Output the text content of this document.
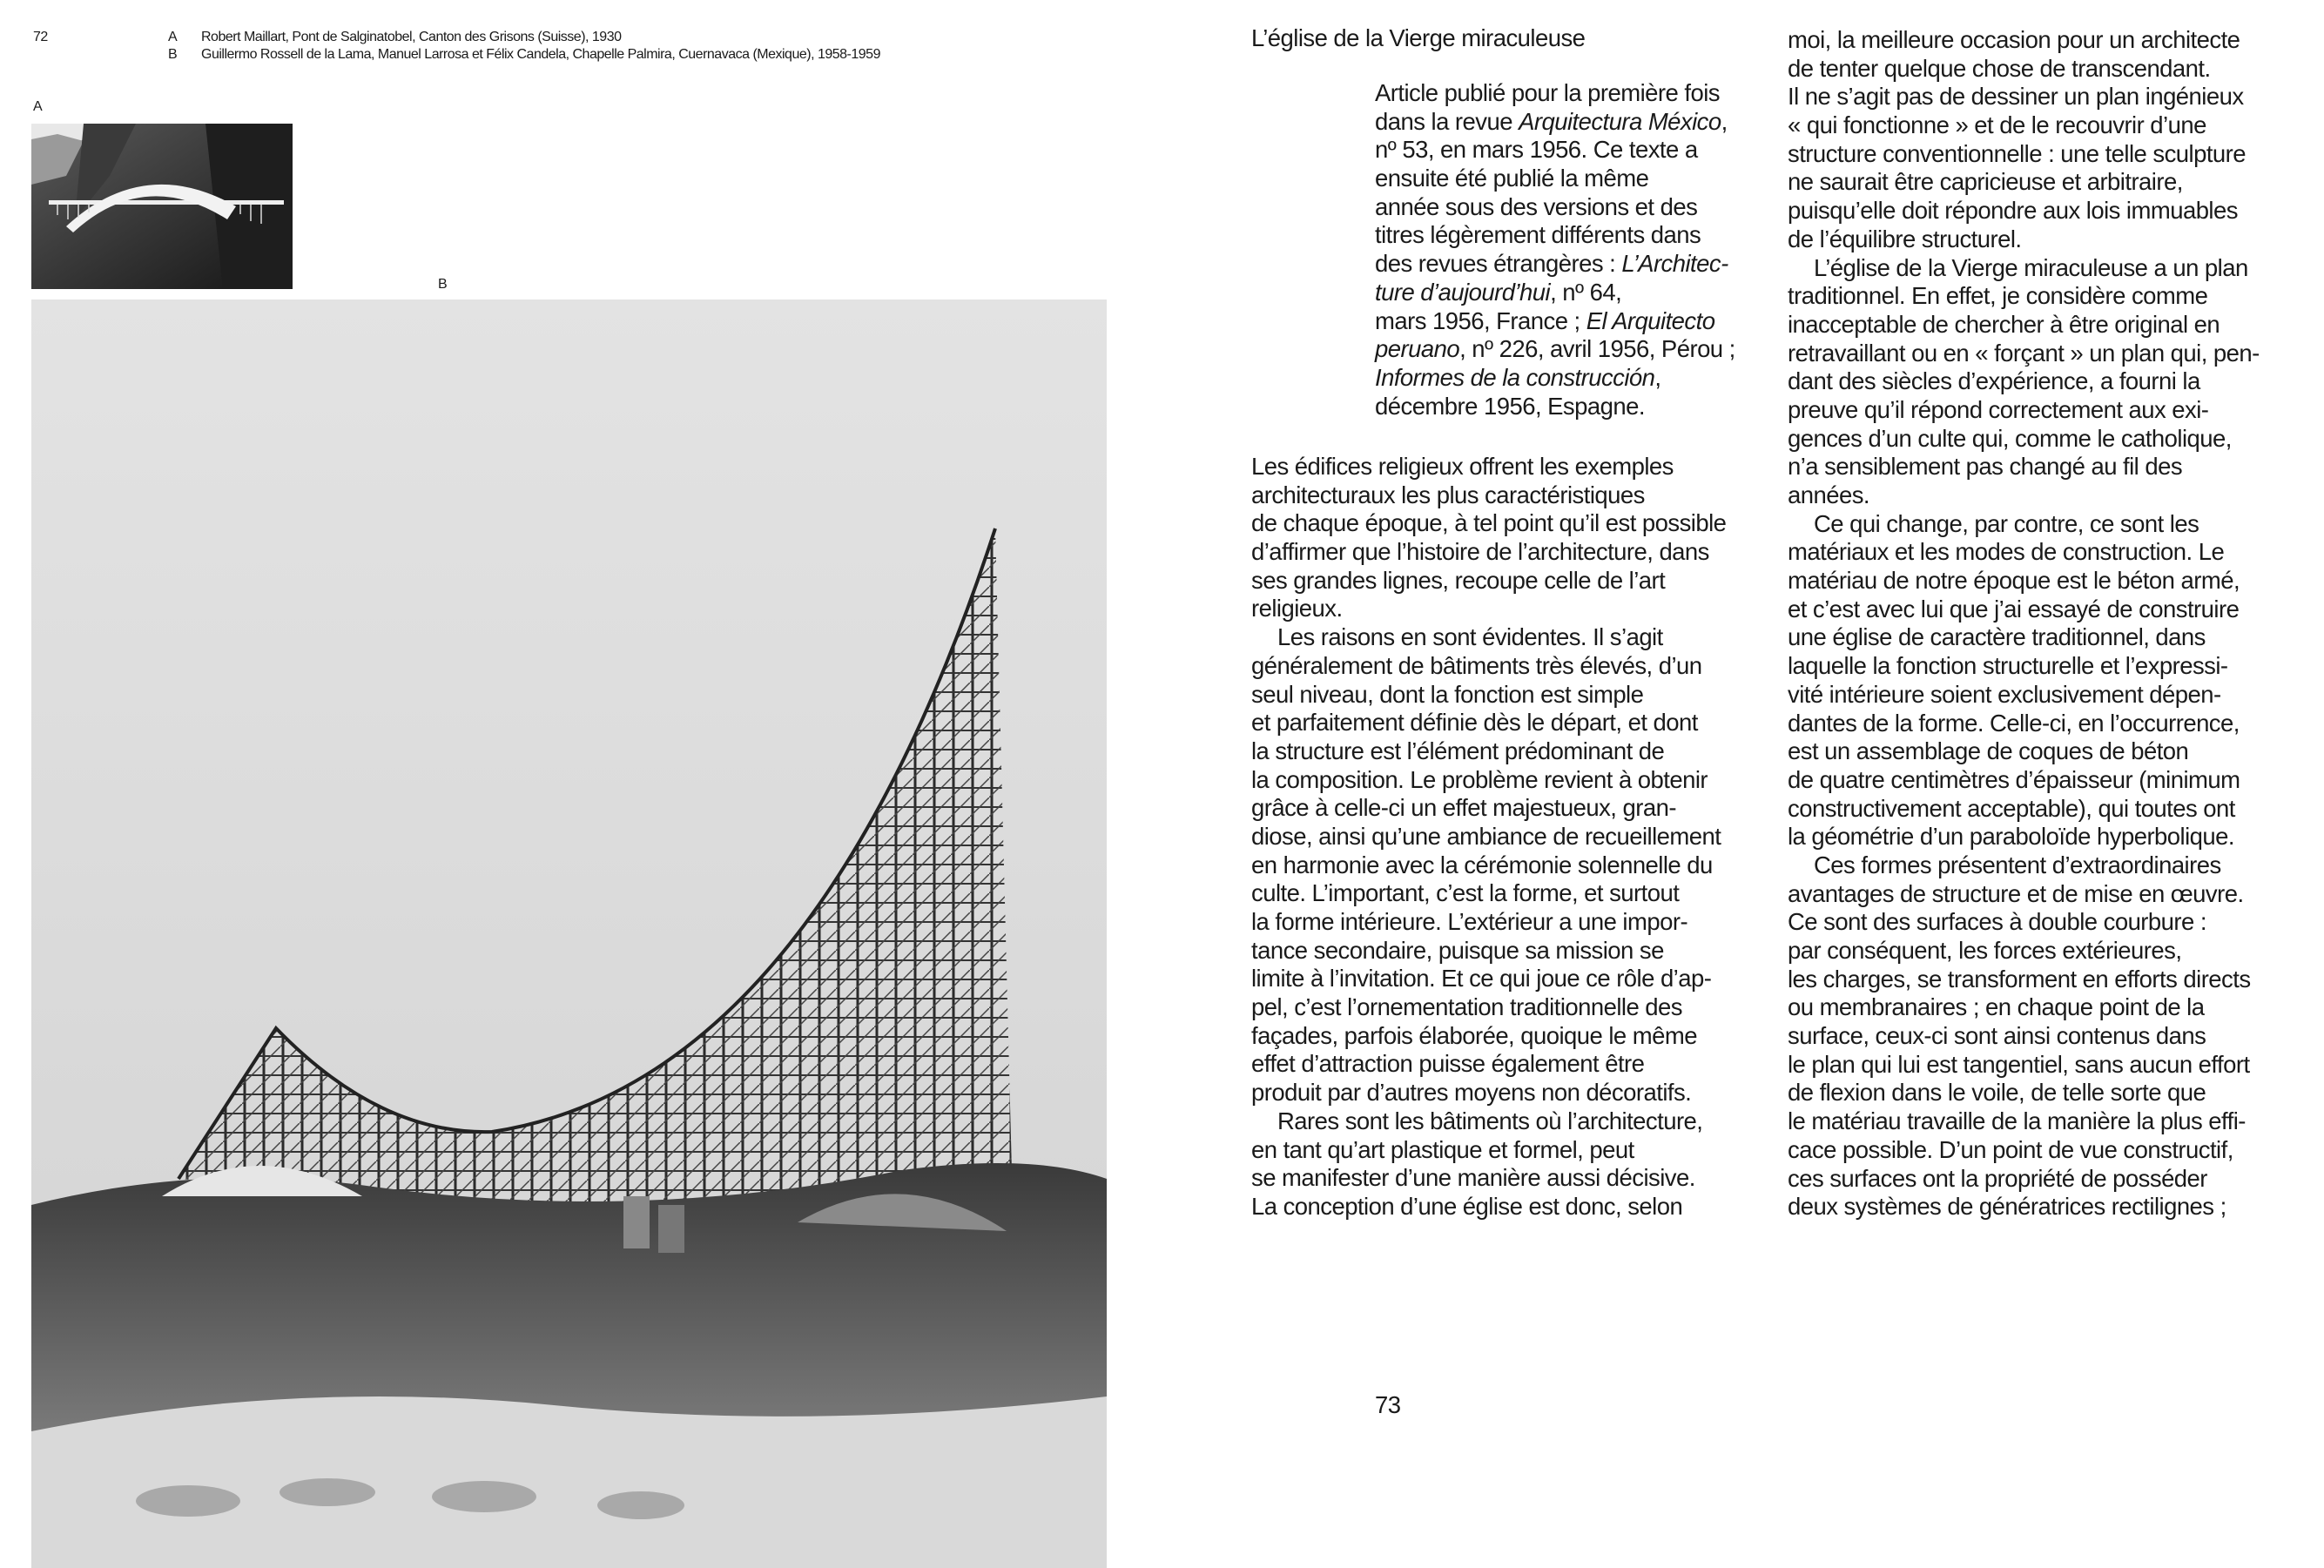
72	A Robert Maillart, Pont de Salginatobel, Canton des Grisons (Suisse), 1930
B Guillermo Rossell de la Lama, Manuel Larrosa et Félix Candela, Chapelle Palmira, Cuernavaca (Mexique), 1958-1959
A
B
L’église de la Vierge miraculeuse
Article publié pour la première fois
dans la revue Arquitectura México,
nº 53, en mars 1956. Ce texte a
ensuite été publié la même
année sous des versions et des
titres légèrement différents dans
des revues étrangères : L’Architec-
ture d’aujourd’hui, nº 64,
mars 1956, France ; El Arquitecto
peruano, nº 226, avril 1956, Pérou ;
Informes de la construcción,
décembre 1956, Espagne.
Les édifices religieux offrent les exemples
architecturaux les plus caractéristiques
de chaque époque, à tel point qu’il est possible
d’affirmer que l’histoire de l’architecture, dans
ses grandes lignes, recoupe celle de l’art
religieux.
Les raisons en sont évidentes. Il s’agit
généralement de bâtiments très élevés, d’un
seul niveau, dont la fonction est simple
et parfaitement définie dès le départ, et dont
la structure est l’élément prédominant de
la composition. Le problème revient à obtenir
grâce à celle-ci un effet majestueux, gran-
diose, ainsi qu’une ambiance de recueillement
en harmonie avec la cérémonie solennelle du
culte. L’important, c’est la forme, et surtout
la forme intérieure. L’extérieur a une impor-
tance secondaire, puisque sa mission se
limite à l’invitation. Et ce qui joue ce rôle d’ap-
pel, c’est l’ornementation traditionnelle des
façades, parfois élaborée, quoique le même
effet d’attraction puisse également être
produit par d’autres moyens non décoratifs.
Rares sont les bâtiments où l’architecture,
en tant qu’art plastique et formel, peut
se manifester d’une manière aussi décisive.
La conception d’une église est donc, selon
moi, la meilleure occasion pour un architecte
de tenter quelque chose de transcendant.
Il ne s’agit pas de dessiner un plan ingénieux
« qui fonctionne » et de le recouvrir d’une
structure conventionnelle : une telle sculpture
ne saurait être capricieuse et arbitraire,
puisqu’elle doit répondre aux lois immuables
de l’équilibre structurel.
L’église de la Vierge miraculeuse a un plan
traditionnel. En effet, je considère comme
inacceptable de chercher à être original en
retravaillant ou en « forçant » un plan qui, pen-
dant des siècles d’expérience, a fourni la
preuve qu’il répond correctement aux exi-
gences d’un culte qui, comme le catholique,
n’a sensiblement pas changé au fil des
années.
Ce qui change, par contre, ce sont les
matériaux et les modes de construction. Le
matériau de notre époque est le béton armé,
et c’est avec lui que j’ai essayé de construire
une église de caractère traditionnel, dans
laquelle la fonction structurelle et l’expressi-
vité intérieure soient exclusivement dépen-
dantes de la forme. Celle-ci, en l’occurrence,
est un assemblage de coques de béton
de quatre centimètres d’épaisseur (minimum
constructivement acceptable), qui toutes ont
la géométrie d’un paraboloïde hyperbolique.
Ces formes présentent d’extraordinaires
avantages de structure et de mise en œuvre.
Ce sont des surfaces à double courbure :
par conséquent, les forces extérieures,
les charges, se transforment en efforts directs
ou membranaires ; en chaque point de la
surface, ceux-ci sont ainsi contenus dans
le plan qui lui est tangentiel, sans aucun effort
de flexion dans le voile, de telle sorte que
le matériau travaille de la manière la plus effi-
cace possible. D’un point de vue constructif,
ces surfaces ont la propriété de posséder
deux systèmes de génératrices rectilignes ;
73
